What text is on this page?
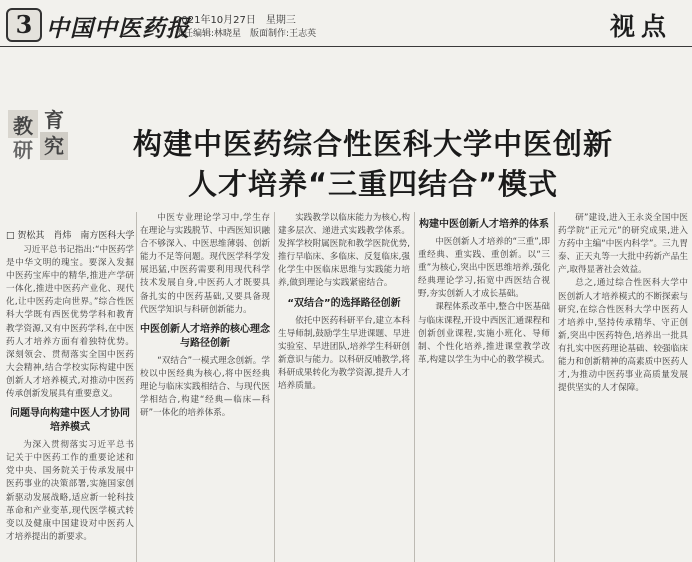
3 中国中医药报
2021年10月27日　星期三
责任编辑:林晓星　版面制作:王志英	视点
教 育
研 究	构建中医药综合性医科大学中医创新
人才培养“三重四结合”模式
□ 贺松其　肖炜　南方医科大学

习近平总书记指出:“中医药学是中华文明的瑰宝。要深入发掘中医药宝库中的精华,推进产学研一体化,推进中医药产业化、现代化,让中医药走向世界。”综合性医科大学既有西医优势学科和教育教学资源,又有中医药学科,在中医药人才培养方面有着独特优势。深刻领会、贯彻落实全国中医药大会精神,结合学校实际构建中医创新人才培养模式,对推动中医药传承创新发展具有重要意义。

问题导向构建中医人才协同培养模式

为深入贯彻落实习近平总书记关于中医药工作的重要论述和党中央、国务院关于传承发展中医药事业的决策部署,实施国家创新驱动发展战略,适应新一轮科技革命和产业变革,现代医学模式转变以及健康中国建设对中医药人才培养提出的新要求。

中医专业理论学习中,学生存在理论与实践脱节、中西医知识融合不够深入、中医思维薄弱、创新能力不足等问题。现代医学科学发展迅猛,中医药需要利用现代科学技术发展自身,中医药人才既要具备扎实的中医药基础,又要具备现代医学知识与科研创新能力。

中医创新人才培养的核心理念与路径创新

“双结合”一模式理念创新。学校以中医经典为核心,将中医经典理论与临床实践相结合、与现代医学相结合,构建“经典—临床—科研”一体化的培养体系。

实践教学以临床能力为核心,构建多层次、递进式实践教学体系。发挥学校附属医院和教学医院优势,推行早临床、多临床、反复临床,强化学生中医临床思维与实践能力培养,做到理论与实践紧密结合。

“双结合”的选择路径创新

依托中医药科研平台,建立本科生导师制,鼓励学生早进课题、早进实验室、早进团队,培养学生科研创新意识与能力。以科研反哺教学,将科研成果转化为教学资源,提升人才培养质量。

构建中医创新人才培养的体系

中医创新人才培养的“三重”,即重经典、重实践、重创新。以“三重”为核心,突出中医思维培养,强化经典理论学习,拓宽中西医结合视野,夯实创新人才成长基础。

课程体系改革中,整合中医基础与临床课程,开设中西医汇通课程和创新创业课程,实施小班化、导师制、个性化培养,推进课堂教学改革,构建以学生为中心的教学模式。

研”建设,进入王永炎全国中医药学院“正元元”的研究成果,进入方药中主编“中医内科学”。三九胃泰、正天丸等一大批中药新产品生产,取得显著社会效益。

总之,通过综合性医科大学中医创新人才培养模式的不断探索与研究,在综合性医科大学中医药人才培养中,坚持传承精华、守正创新,突出中医药特色,培养出一批具有扎实中医药理论基础、较强临床能力和创新精神的高素质中医药人才,为推动中医药事业高质量发展提供坚实的人才保障。
